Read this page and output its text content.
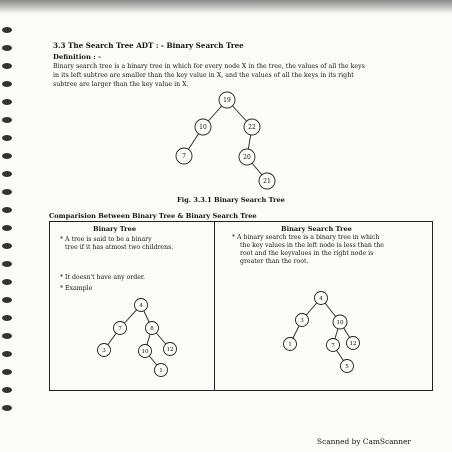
3.3 The Search Tree ADT : - Binary Search Tree
Definition : -
Binary search tree is a binary tree in which for every node X in the tree, the values of all the keys
in its left subtree are smaller than the key value in X, and the values of all the keys in its right
subtree are larger than the key value in X.
19
10	22
7	20
21
Fig. 3.3.1 Binary Search Tree
Comparision Between Binary Tree & Binary Search Tree
Binary Tree	Binary Search Tree
* A tree is said to be a binary
tree if it has atmost two childrens.
* It doesn't have any order.
* Example
* A binary search tree is a binary tree in which
the key values in the left node is less than the
root and the keyvalues in the right node is
greater than the root.
4
7	8
3	10	12
1
4
3	10
1	7	12
5
Scanned by CamScanner
